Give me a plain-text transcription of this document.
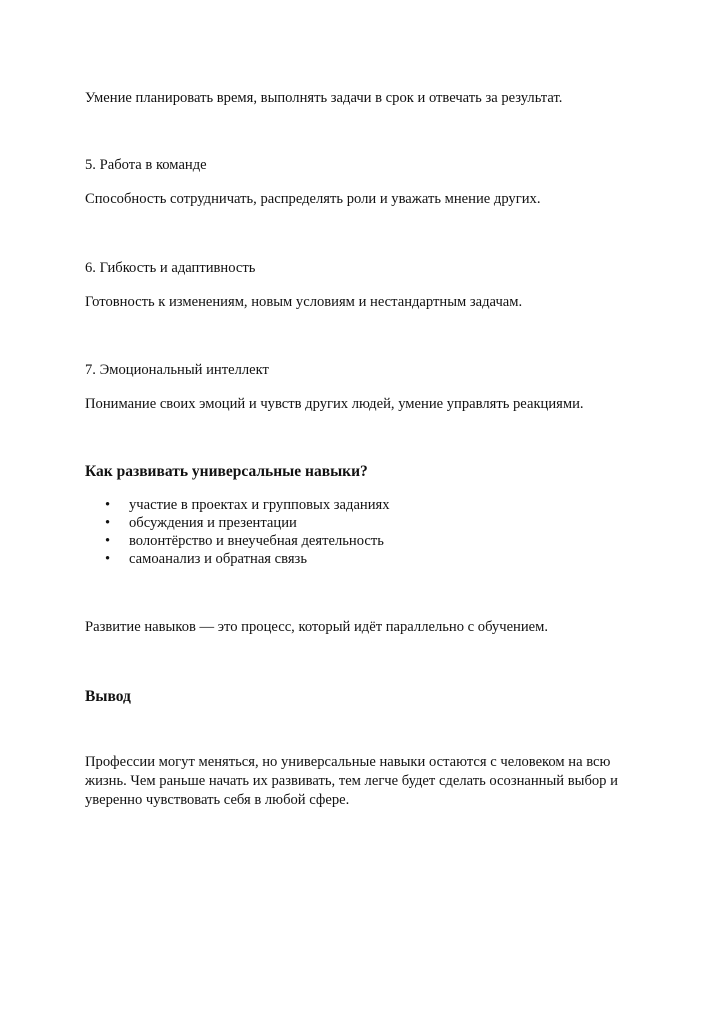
Умение планировать время, выполнять задачи в срок и отвечать за результат.

5. Работа в команде

Способность сотрудничать, распределять роли и уважать мнение других.

6. Гибкость и адаптивность

Готовность к изменениям, новым условиям и нестандартным задачам.

7. Эмоциональный интеллект

Понимание своих эмоций и чувств других людей, умение управлять реакциями.

Как развивать универсальные навыки?

• участие в проектах и групповых заданиях
• обсуждения и презентации
• волонтёрство и внеучебная деятельность
• самоанализ и обратная связь

Развитие навыков — это процесс, который идёт параллельно с обучением.

Вывод

Профессии могут меняться, но универсальные навыки остаются с человеком на всю
жизнь. Чем раньше начать их развивать, тем легче будет сделать осознанный выбор и
уверенно чувствовать себя в любой сфере.
